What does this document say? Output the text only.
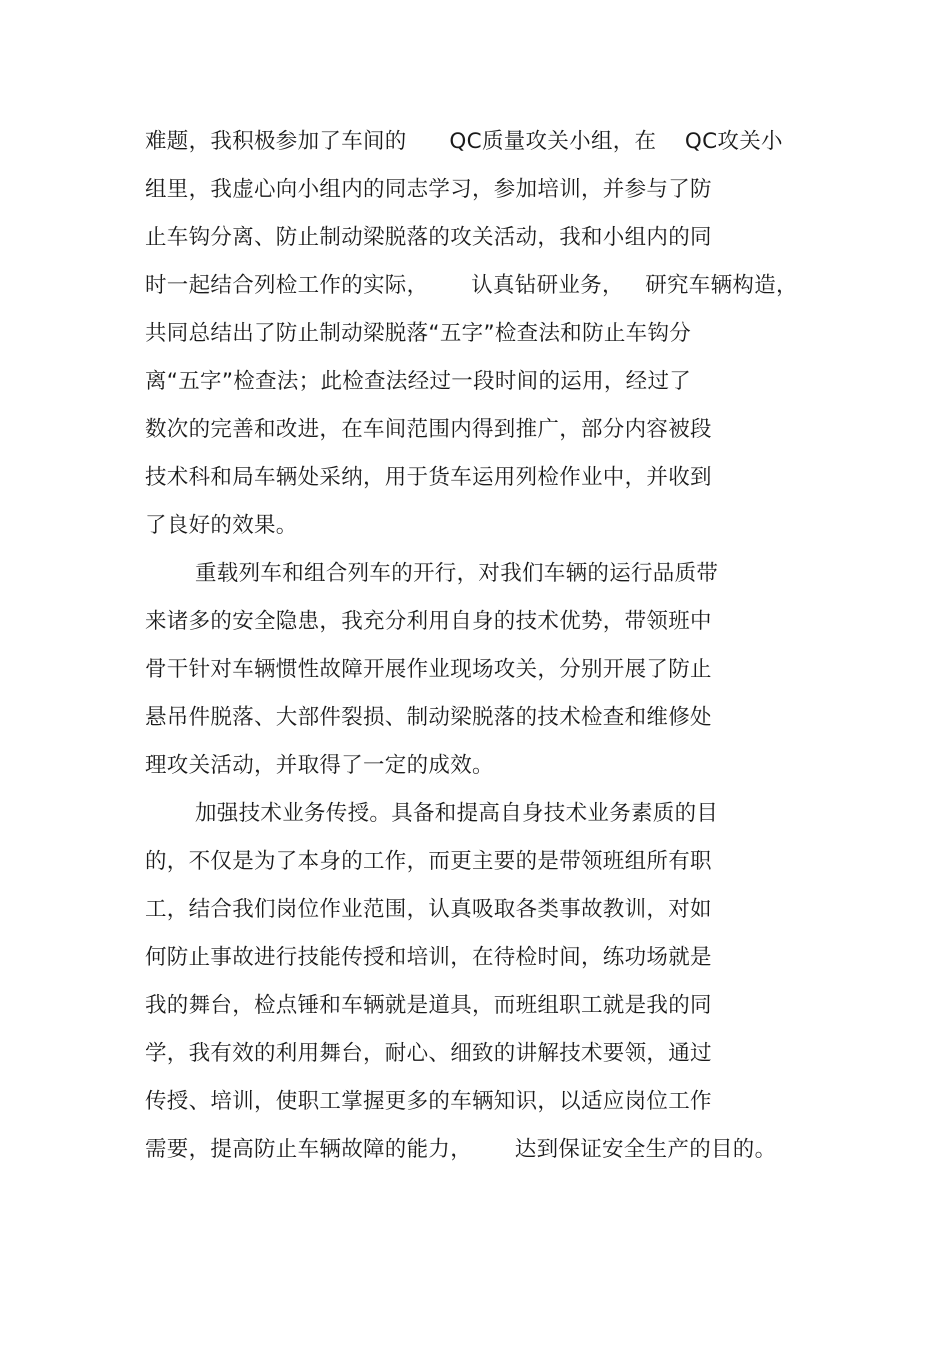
难题，我积极参加了车间的      QC质量攻关小组，在    QC攻关小
组里，我虚心向小组内的同志学习，参加培训，并参与了防
止车钩分离、防止制动梁脱落的攻关活动，我和小组内的同
时一起结合列检工作的实际，      认真钻研业务，   研究车辆构造，
共同总结出了防止制动梁脱落“五字”检查法和防止车钩分
离“五字”检查法；此检查法经过一段时间的运用，经过了
数次的完善和改进，在车间范围内得到推广，部分内容被段
技术科和局车辆处采纳，用于货车运用列检作业中，并收到
了良好的效果。
重载列车和组合列车的开行，对我们车辆的运行品质带
来诸多的安全隐患，我充分利用自身的技术优势，带领班中
骨干针对车辆惯性故障开展作业现场攻关，分别开展了防止
悬吊件脱落、大部件裂损、制动梁脱落的技术检查和维修处
理攻关活动，并取得了一定的成效。
加强技术业务传授。具备和提高自身技术业务素质的目
的，不仅是为了本身的工作，而更主要的是带领班组所有职
工，结合我们岗位作业范围，认真吸取各类事故教训，对如
何防止事故进行技能传授和培训，在待检时间，练功场就是
我的舞台，检点锤和车辆就是道具，而班组职工就是我的同
学，我有效的利用舞台，耐心、细致的讲解技术要领，通过
传授、培训，使职工掌握更多的车辆知识，以适应岗位工作
需要，提高防止车辆故障的能力，      达到保证安全生产的目的。
